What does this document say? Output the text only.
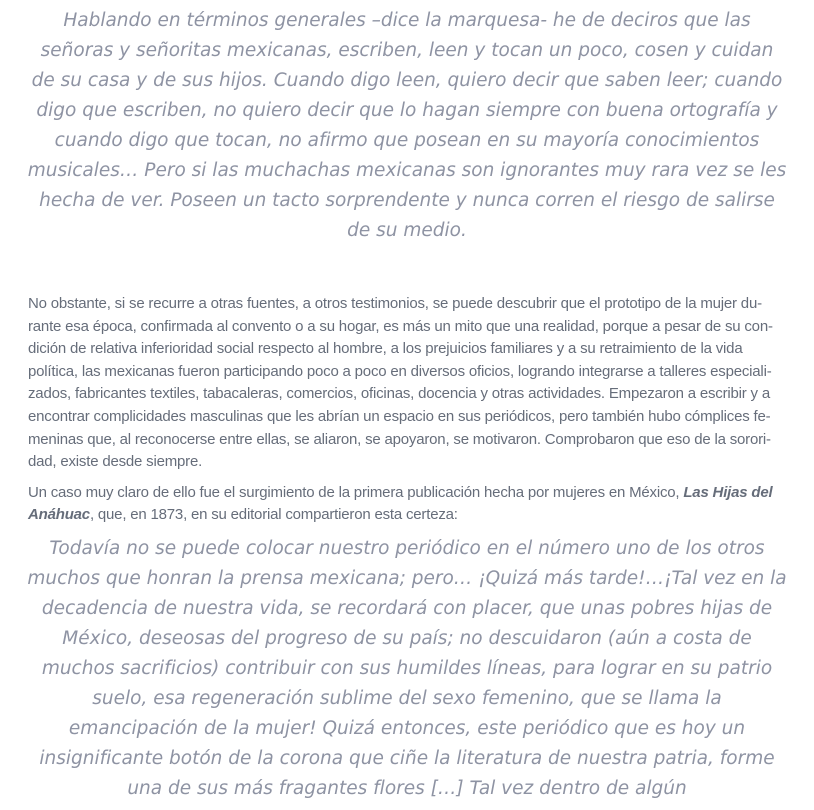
Hablando en términos generales –dice la marquesa- he de deciros que las señoras y señoritas mexicanas, escriben, leen y tocan un poco, cosen y cuidan de su casa y de sus hijos. Cuando digo leen, quiero decir que saben leer; cuando digo que escriben, no quiero decir que lo hagan siempre con buena ortografía y cuando digo que tocan, no afirmo que posean en su mayoría conocimientos musicales… Pero si las muchachas mexicanas son ignorantes muy rara vez se les hecha de ver. Poseen un tacto sorprendente y nunca corren el riesgo de salirse de su medio.

No obstante, si se recurre a otras fuentes, a otros testimonios, se puede descubrir que el prototipo de la mujer durante esa época, confirmada al convento o a su hogar, es más un mito que una realidad, porque a pesar de su condición de relativa inferioridad social respecto al hombre, a los prejuicios familiares y a su retraimiento de la vida política, las mexicanas fueron participando poco a poco en diversos oficios, logrando integrarse a talleres especializados, fabricantes textiles, tabacaleras, comercios, oficinas, docencia y otras actividades. Empezaron a escribir y a encontrar complicidades masculinas que les abrían un espacio en sus periódicos, pero también hubo cómplices femeninas que, al reconocerse entre ellas, se aliaron, se apoyaron, se motivaron. Comprobaron que eso de la sororidad, existe desde siempre.

Un caso muy claro de ello fue el surgimiento de la primera publicación hecha por mujeres en México, Las Hijas del Anáhuac, que, en 1873, en su editorial compartieron esta certeza:

Todavía no se puede colocar nuestro periódico en el número uno de los otros muchos que honran la prensa mexicana; pero… ¡Quizá más tarde!…¡Tal vez en la decadencia de nuestra vida, se recordará con placer, que unas pobres hijas de México, deseosas del progreso de su país; no descuidaron (aún a costa de muchos sacrificios) contribuir con sus humildes líneas, para lograr en su patrio suelo, esa regeneración sublime del sexo femenino, que se llama la emancipación de la mujer! Quizá entonces, este periódico que es hoy un insignificante botón de la corona que ciñe la literatura de nuestra patria, forme una de sus más fragantes flores […] Tal vez dentro de algún
